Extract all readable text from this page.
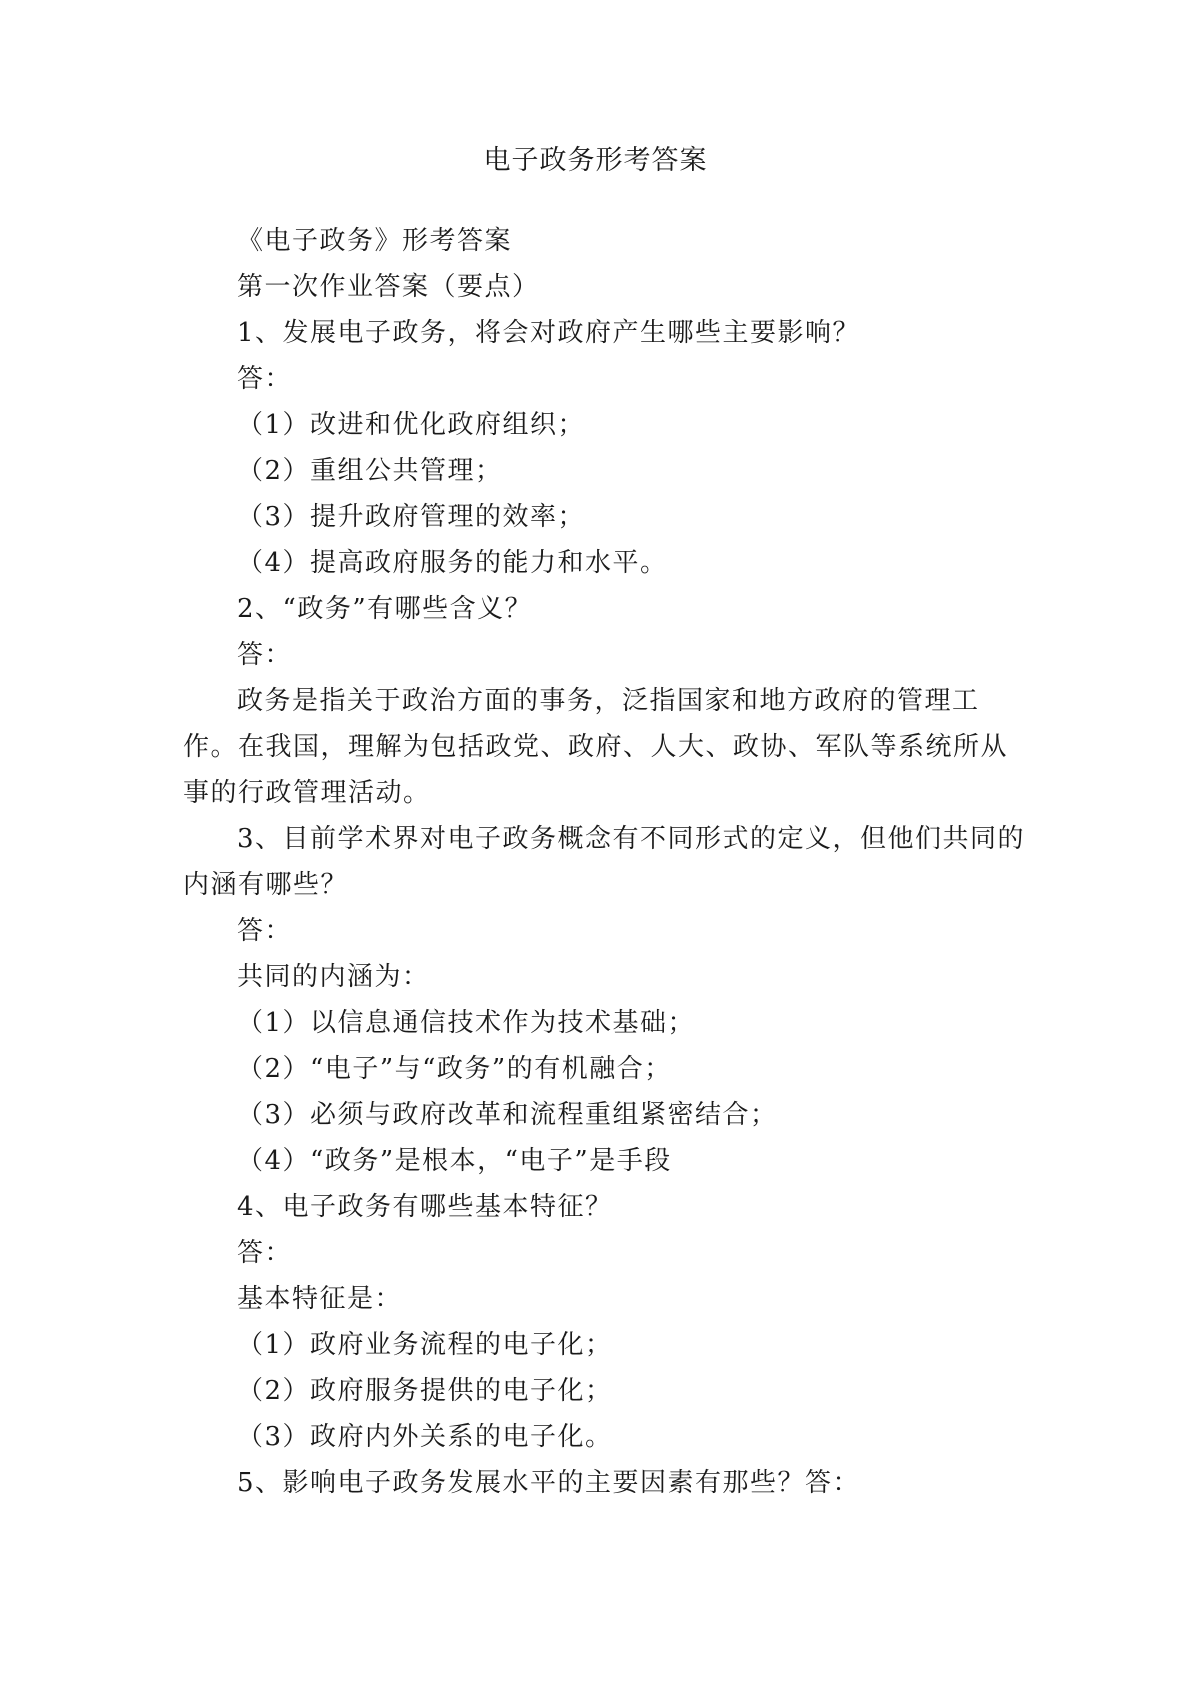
电子政务形考答案
《电子政务》形考答案
第一次作业答案（要点）
1、发展电子政务，将会对政府产生哪些主要影响？
答：
（1）改进和优化政府组织；
（2）重组公共管理；
（3）提升政府管理的效率；
（4）提高政府服务的能力和水平。
2、“政务”有哪些含义？
答：
政务是指关于政治方面的事务，泛指国家和地方政府的管理工作。在我国，理解为包括政党、政府、人大、政协、军队等系统所从事的行政管理活动。
3、目前学术界对电子政务概念有不同形式的定义，但他们共同的内涵有哪些？
答：
共同的内涵为：
（1）以信息通信技术作为技术基础；
（2）“电子”与“政务”的有机融合；
（3）必须与政府改革和流程重组紧密结合；
（4）“政务”是根本，“电子”是手段
4、电子政务有哪些基本特征？
答：
基本特征是：
（1）政府业务流程的电子化；
（2）政府服务提供的电子化；
（3）政府内外关系的电子化。
5、影响电子政务发展水平的主要因素有那些？答：
